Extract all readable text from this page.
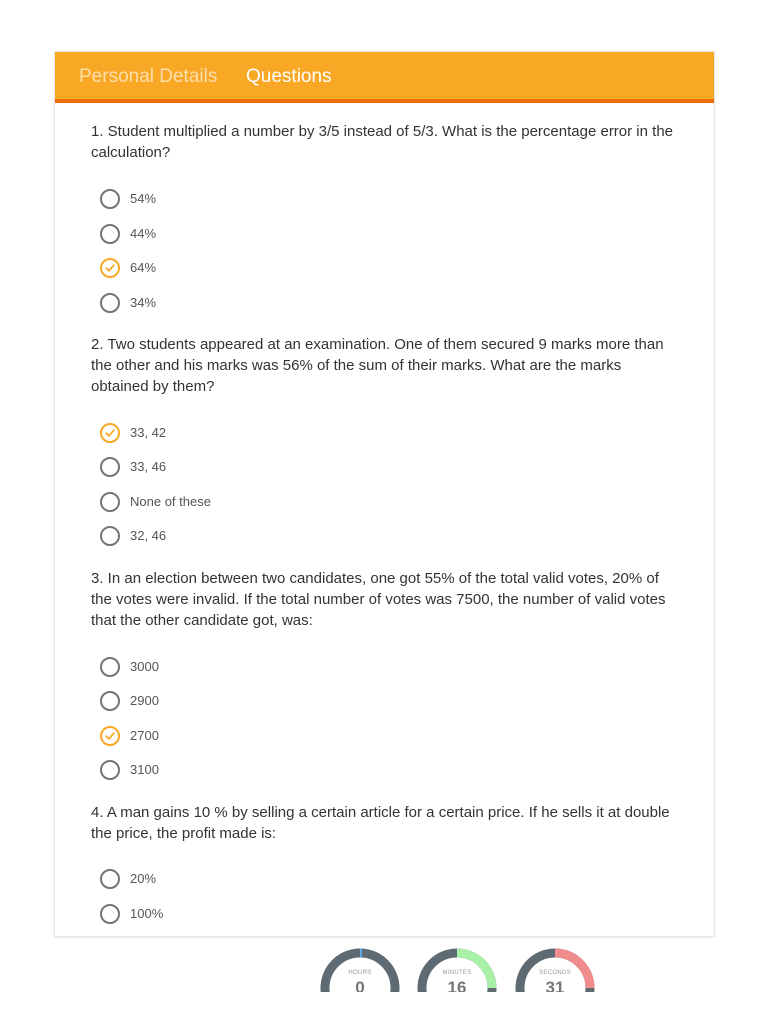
Personal Details Questions
1. Student multiplied a number by 3/5 instead of 5/3. What is the percentage error in the calculation?
54%
44%
64%
34%
2. Two students appeared at an examination. One of them secured 9 marks more than the other and his marks was 56% of the sum of their marks. What are the marks obtained by them?
33, 42
33, 46
None of these
32, 46
3. In an election between two candidates, one got 55% of the total valid votes, 20% of the votes were invalid. If the total number of votes was 7500, the number of valid votes that the other candidate got, was:
3000
2900
2700
3100
4. A man gains 10 % by selling a certain article for a certain price. If he sells it at double the price, the profit made is:
20%
100%
HOURS
0
MINUTES
16
SECONDS
31
